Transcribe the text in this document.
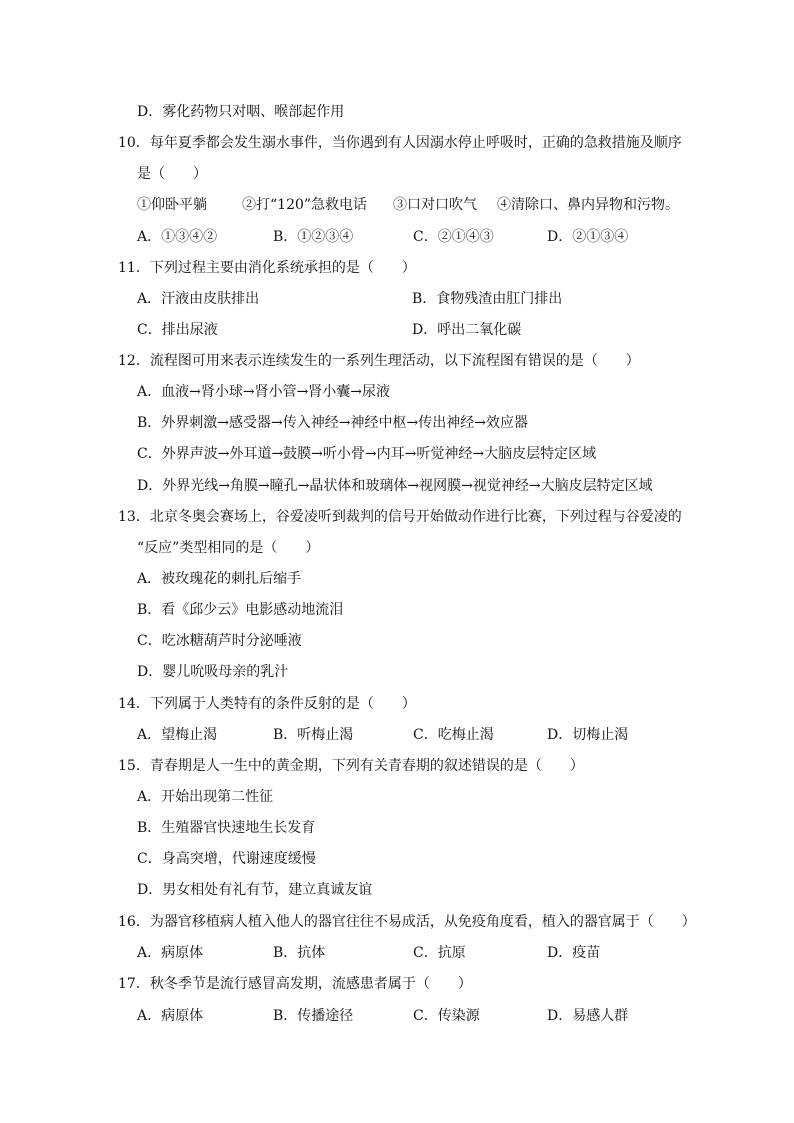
D．雾化药物只对咽、喉部起作用
10．每年夏季都会发生溺水事件，当你遇到有人因溺水停止呼吸时，正确的急救措施及顺序
是（　　）
①仰卧平躺	②打“120”急救电话 ③口对口吹气 ④清除口、鼻内异物和污物。
A．①③④②	B．①②③④	C．②①④③	D．②①③④
11．下列过程主要由消化系统承担的是（　　）
A．汗液由皮肤排出	B．食物残渣由肛门排出
C．排出尿液	D．呼出二氧化碳
12．流程图可用来表示连续发生的一系列生理活动，以下流程图有错误的是（　　）
A．血液→肾小球→肾小管→肾小囊→尿液
B．外界刺激→感受器→传入神经→神经中枢→传出神经→效应器
C．外界声波→外耳道→鼓膜→听小骨→内耳→听觉神经→大脑皮层特定区域
D．外界光线→角膜→瞳孔→晶状体和玻璃体→视网膜→视觉神经→大脑皮层特定区域
13．北京冬奥会赛场上，谷爱凌听到裁判的信号开始做动作进行比赛，下列过程与谷爱凌的
“反应”类型相同的是（　　）
A．被玫瑰花的刺扎后缩手
B．看《邱少云》电影感动地流泪
C．吃冰糖葫芦时分泌唾液
D．婴儿吮吸母亲的乳汁
14．下列属于人类特有的条件反射的是（　　）
A．望梅止渴	B．听梅止渴	C．吃梅止渴	D．切梅止渴
15．青春期是人一生中的黄金期，下列有关青春期的叙述错误的是（　　）
A．开始出现第二性征
B．生殖器官快速地生长发育
C．身高突增，代谢速度缓慢
D．男女相处有礼有节，建立真诚友谊
16．为器官移植病人植入他人的器官往往不易成活，从免疫角度看，植入的器官属于（　　）
A．病原体	B．抗体	C．抗原	D．疫苗
17．秋冬季节是流行感冒高发期，流感患者属于（　　）
A．病原体	B．传播途径	C．传染源	D．易感人群
